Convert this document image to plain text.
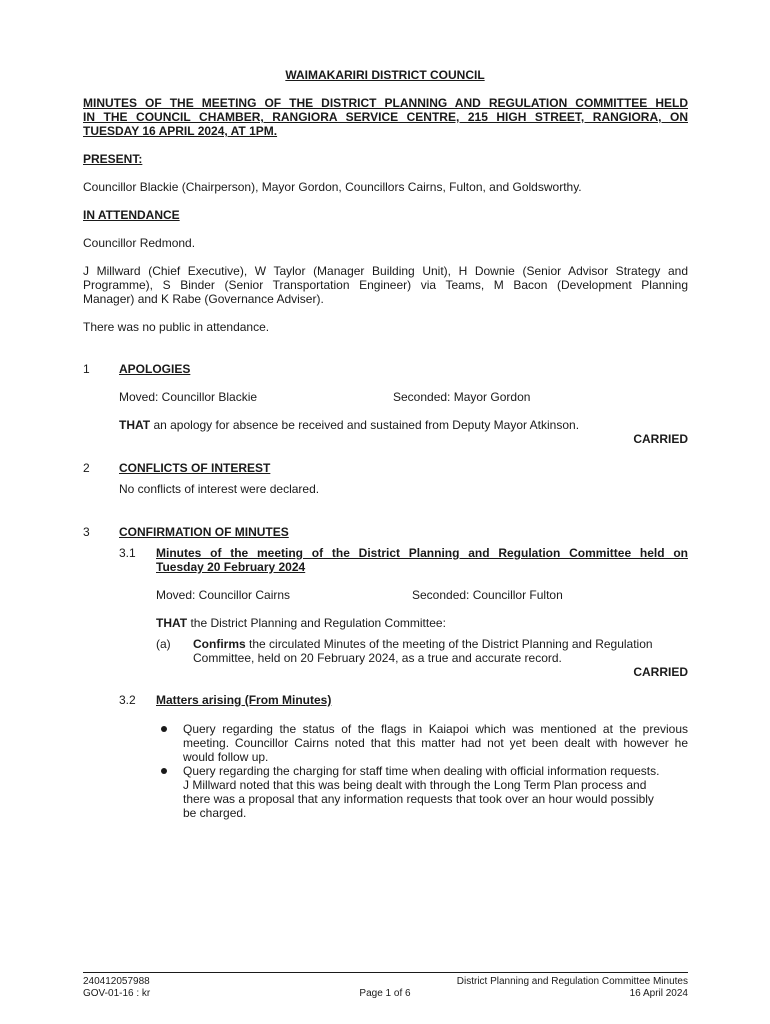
WAIMAKARIRI DISTRICT COUNCIL
MINUTES OF THE MEETING OF THE DISTRICT PLANNING AND REGULATION COMMITTEE HELD
IN THE COUNCIL CHAMBER, RANGIORA SERVICE CENTRE, 215 HIGH STREET, RANGIORA, ON
TUESDAY 16 APRIL 2024, AT 1PM.
PRESENT:
Councillor Blackie (Chairperson), Mayor Gordon, Councillors Cairns, Fulton, and Goldsworthy.
IN ATTENDANCE
Councillor Redmond.
J Millward (Chief Executive), W Taylor (Manager Building Unit), H Downie (Senior Advisor Strategy and
Programme), S Binder (Senior Transportation Engineer) via Teams, M Bacon (Development Planning
Manager) and K Rabe (Governance Adviser).
There was no public in attendance.
1 APOLOGIES
Moved: Councillor Blackie	Seconded: Mayor Gordon
THAT an apology for absence be received and sustained from Deputy Mayor Atkinson.
CARRIED
2 CONFLICTS OF INTEREST
No conflicts of interest were declared.
3 CONFIRMATION OF MINUTES
3.1 Minutes of the meeting of the District Planning and Regulation Committee held on
Tuesday 20 February 2024
Moved: Councillor Cairns	Seconded: Councillor Fulton
THAT the District Planning and Regulation Committee:
(a) Confirms the circulated Minutes of the meeting of the District Planning and Regulation
Committee, held on 20 February 2024, as a true and accurate record.
CARRIED
3.2 Matters arising (From Minutes)
Query regarding the status of the flags in Kaiapoi which was mentioned at the previous
meeting. Councillor Cairns noted that this matter had not yet been dealt with however he
would follow up.
Query regarding the charging for staff time when dealing with official information requests.
J Millward noted that this was being dealt with through the Long Term Plan process and
there was a proposal that any information requests that took over an hour would possibly
be charged.
240412057988
GOV-01-16 : kr	Page 1 of 6
District Planning and Regulation Committee Minutes
16 April 2024
